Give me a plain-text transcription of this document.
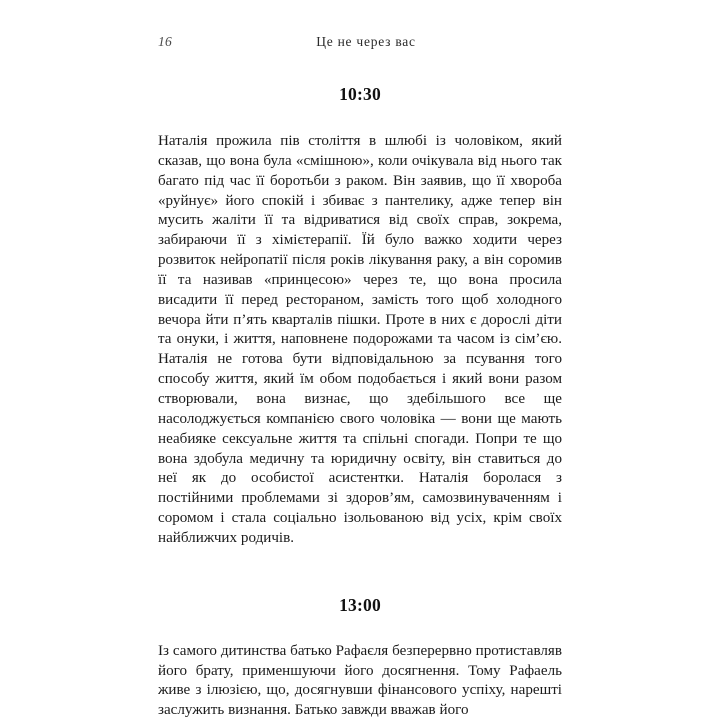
16	Це не через вас

10:30

Наталія прожила пів століття в шлюбі із чоловіком, який сказав, що вона була «смішною», коли очікувала від нього так багато під час її боротьби з раком. Він заявив, що її хвороба «руйнує» його спокій і збиває з пантелику, адже тепер він мусить жаліти її та відриватися від своїх справ, зокрема, забираючи її з хімієтерапії. Їй було важко ходити через розвиток нейропатії після років лікування раку, а він соромив її та називав «принцесою» через те, що вона просила висадити її перед рестораном, замість того щоб холодного вечора йти п’ять кварталів пішки. Проте в них є дорослі діти та онуки, і життя, наповнене подорожами та часом із сім’єю. Наталія не готова бути відповідальною за псування того способу життя, який їм обом подобається і який вони разом створювали, вона визнає, що здебільшого все ще насолоджується компанією свого чоловіка — вони ще мають неабияке сексуальне життя та спільні спогади. Попри те що вона здобула медичну та юридичну освіту, він ставиться до неї як до особистої асистентки. Наталія боролася з постійними проблемами зі здоров’ям, самозвинуваченням і соромом і стала соціально ізольованою від усіх, крім своїх найближчих родичів.

13:00

Із самого дитинства батько Рафаєля безперервно протиставляв його брату, применшуючи його досягнення. Тому Рафаель живе з ілюзією, що, досягнувши фінансового успіху, нарешті заслужить визнання. Батько завжди вважав його
